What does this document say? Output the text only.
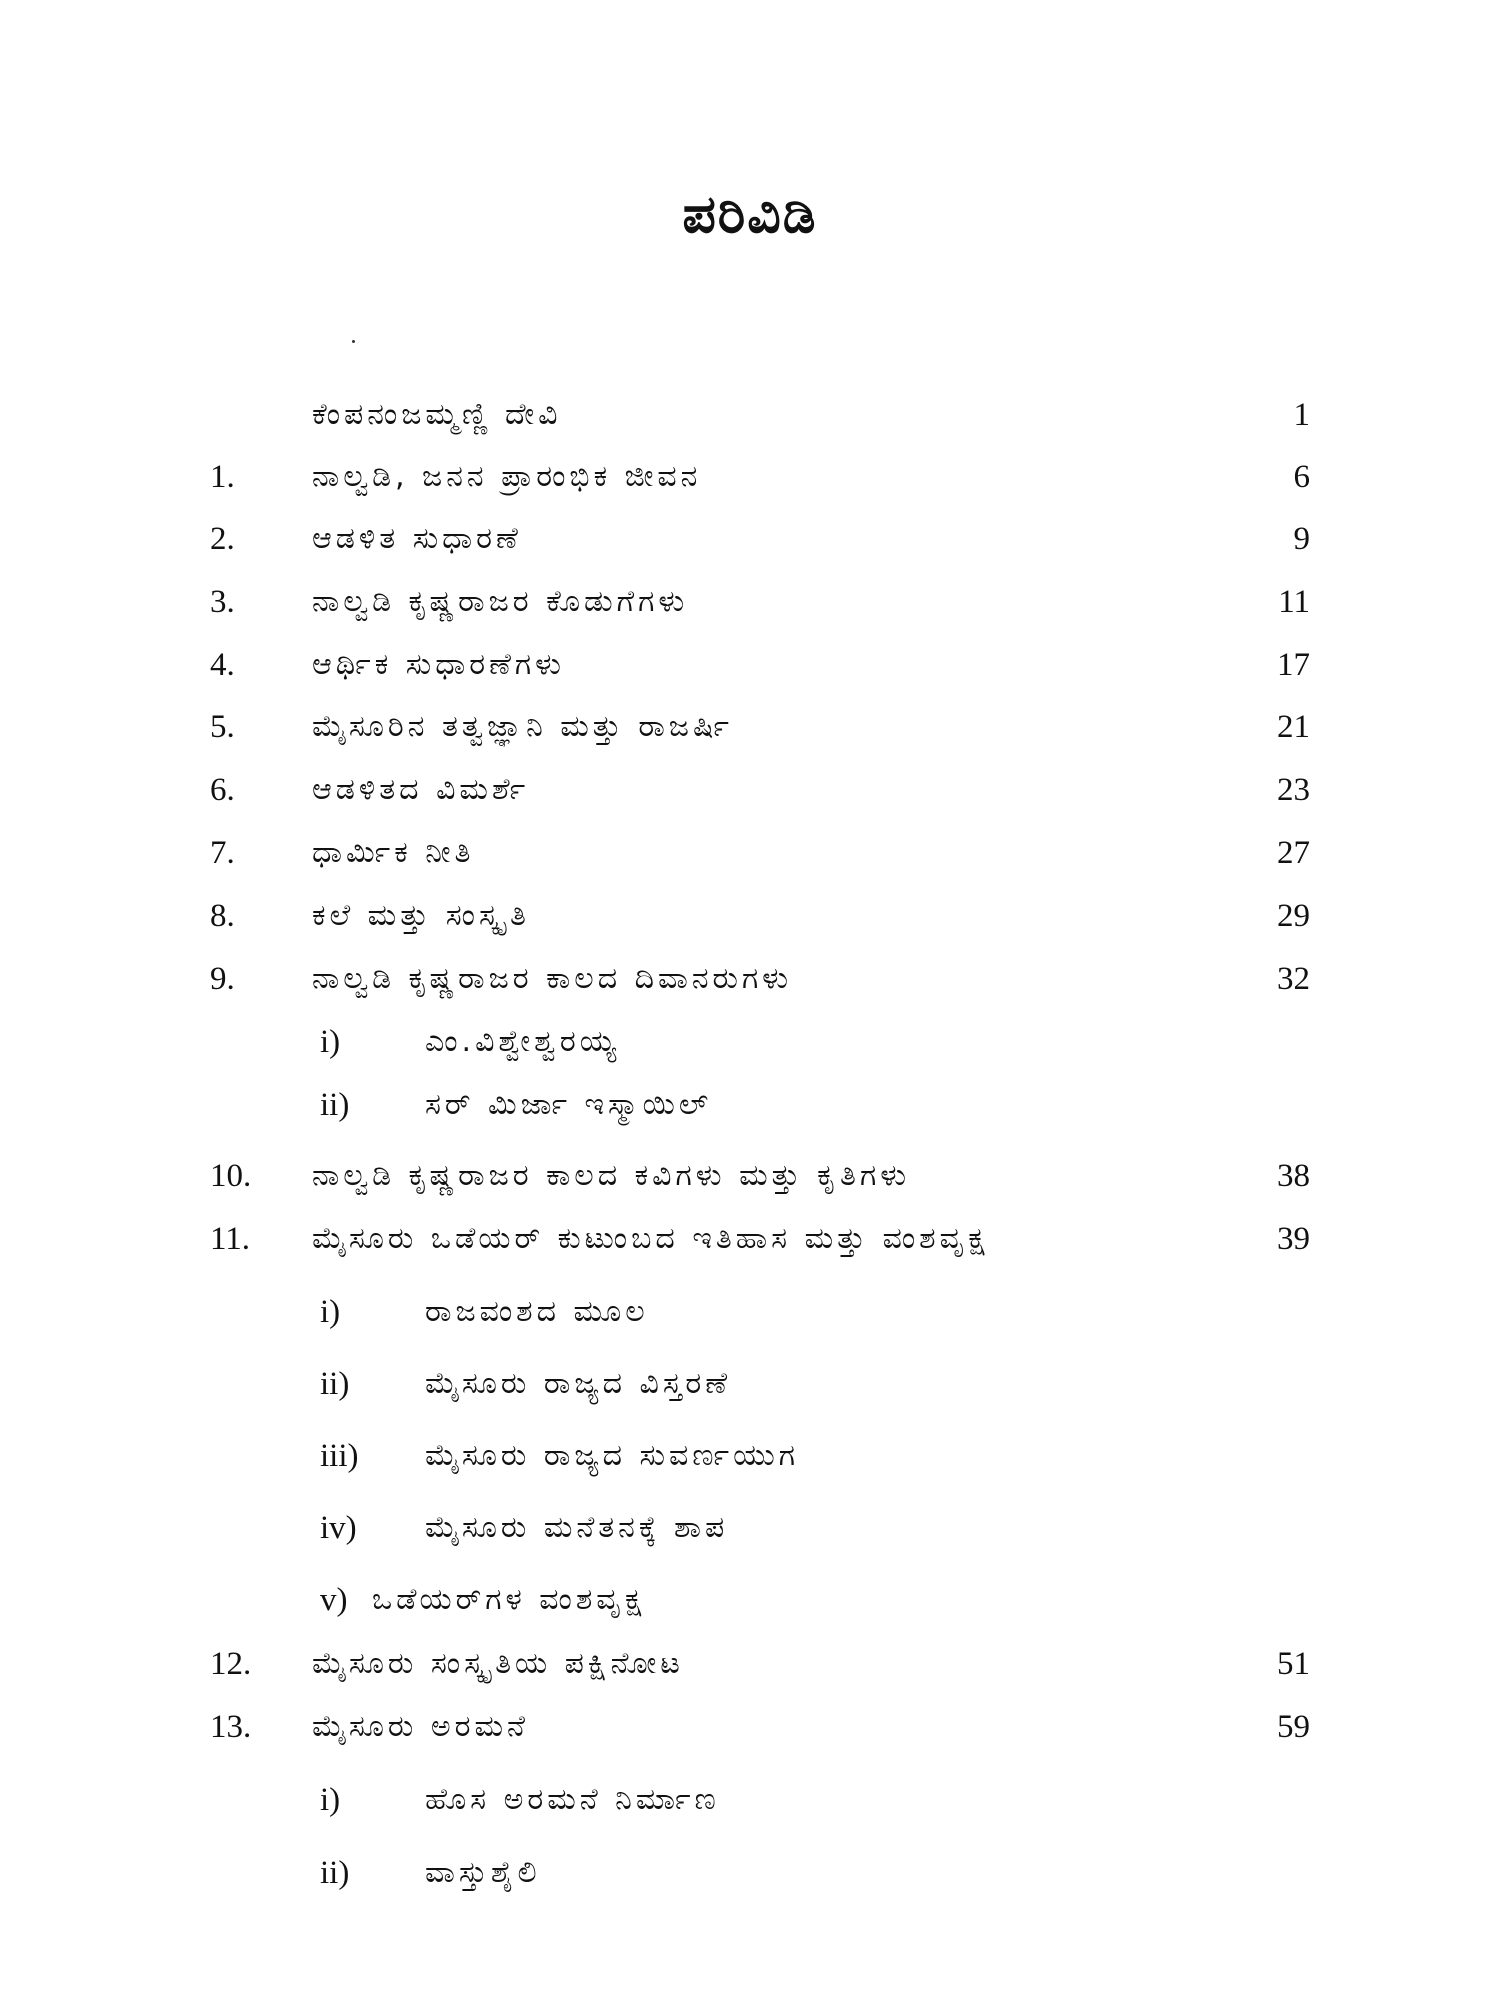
ಪರಿವಿಡಿ
ಕೆಂಪನಂಜಮ್ಮಣ್ಣಿ ದೇವಿ	1
1.	ನಾಲ್ವಡಿ, ಜನನ ಪ್ರಾರಂಭಿಕ ಜೀವನ	6
2.	ಆಡಳಿತ ಸುಧಾರಣೆ	9
3.	ನಾಲ್ವಡಿ ಕೃಷ್ಣರಾಜರ ಕೊಡುಗೆಗಳು	11
4.	ಆರ್ಥಿಕ ಸುಧಾರಣೆಗಳು	17
5.	ಮೈಸೂರಿನ ತತ್ವಜ್ಞಾನಿ ಮತ್ತು ರಾಜರ್ಷಿ	21
6.	ಆಡಳಿತದ ವಿಮರ್ಶೆ	23
7.	ಧಾರ್ಮಿಕ ನೀತಿ	27
8.	ಕಲೆ ಮತ್ತು ಸಂಸ್ಕೃತಿ	29
9.	ನಾಲ್ವಡಿ ಕೃಷ್ಣರಾಜರ ಕಾಲದ ದಿವಾನರುಗಳು	32
i)	ಎಂ.ವಿಶ್ವೇಶ್ವರಯ್ಯ
ii)	ಸರ್ ಮಿರ್ಜಾ ಇಸ್ಮಾಯಿಲ್
10. ನಾಲ್ವಡಿ ಕೃಷ್ಣರಾಜರ ಕಾಲದ ಕವಿಗಳು ಮತ್ತು ಕೃತಿಗಳು	38
11. ಮೈಸೂರು ಒಡೆಯರ್ ಕುಟುಂಬದ ಇತಿಹಾಸ ಮತ್ತು ವಂಶವೃಕ್ಷ	39
i)	ರಾಜವಂಶದ ಮೂಲ
ii)	ಮೈಸೂರು ರಾಜ್ಯದ ವಿಸ್ತರಣೆ
iii) ಮೈಸೂರು ರಾಜ್ಯದ ಸುವರ್ಣಯುಗ
iv) ಮೈಸೂರು ಮನೆತನಕ್ಕೆ ಶಾಪ
v) ಒಡೆಯರ್‌ಗಳ ವಂಶವೃಕ್ಷ
12. ಮೈಸೂರು ಸಂಸ್ಕೃತಿಯ ಪಕ್ಷಿನೋಟ	51
13. ಮೈಸೂರು ಅರಮನೆ	59
i)	ಹೊಸ ಅರಮನೆ ನಿರ್ಮಾಣ
ii)	ವಾಸ್ತುಶೈಲಿ
